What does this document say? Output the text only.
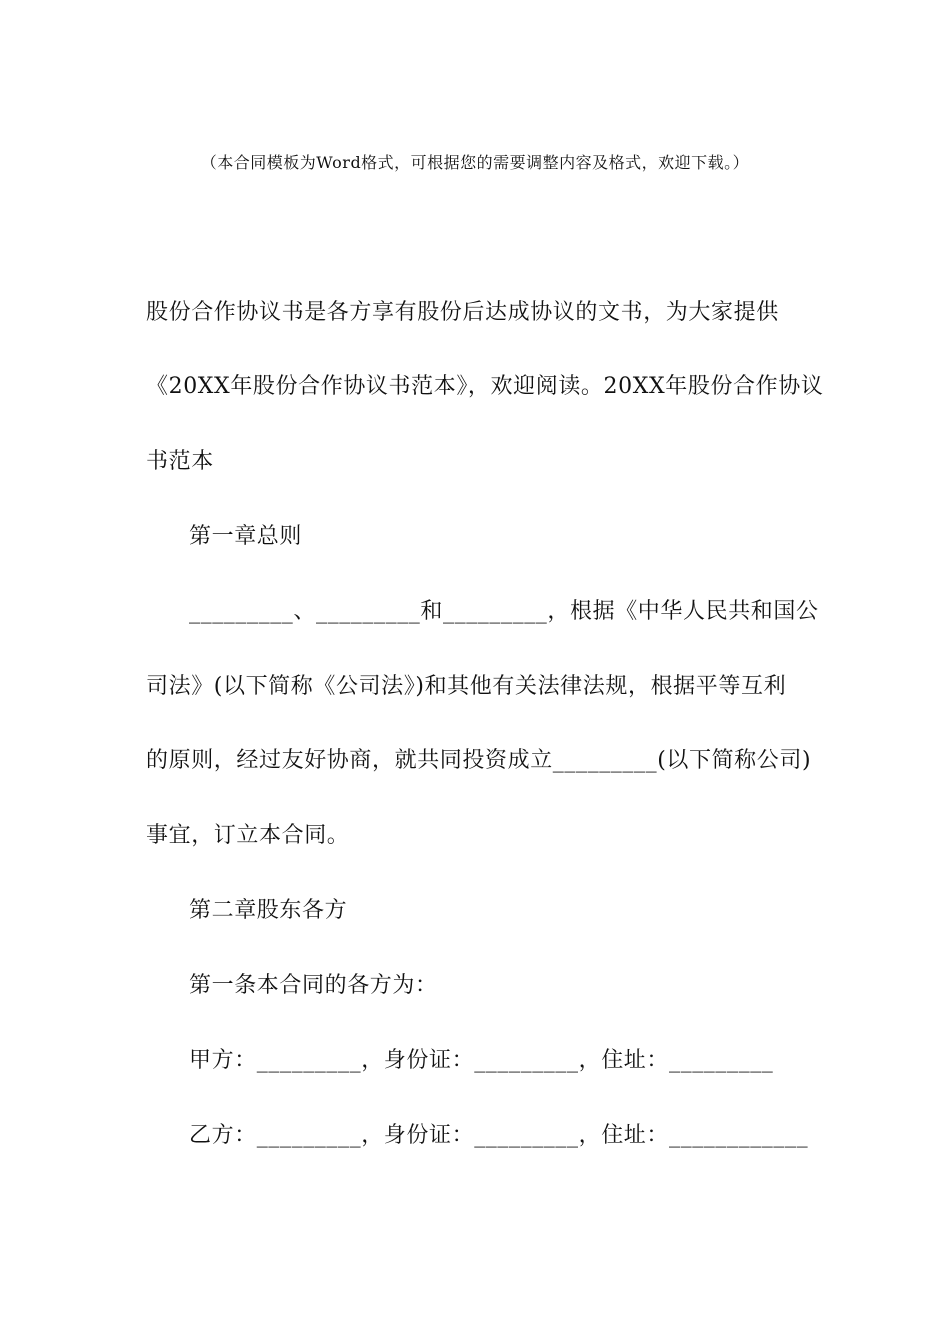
（本合同模板为Word格式，可根据您的需要调整内容及格式，欢迎下载。）
股份合作协议书是各方享有股份后达成协议的文书，为大家提供
《20XX年股份合作协议书范本》，欢迎阅读。20XX年股份合作协议
书范本
第一章总则
_________、_________和_________，根据《中华人民共和国公
司法》(以下简称《公司法》)和其他有关法律法规，根据平等互利
的原则，经过友好协商，就共同投资成立_________(以下简称公司)
事宜，订立本合同。
第二章股东各方
第一条本合同的各方为：
甲方：_________，身份证：_________，住址：_________
乙方：_________，身份证：_________，住址：____________
